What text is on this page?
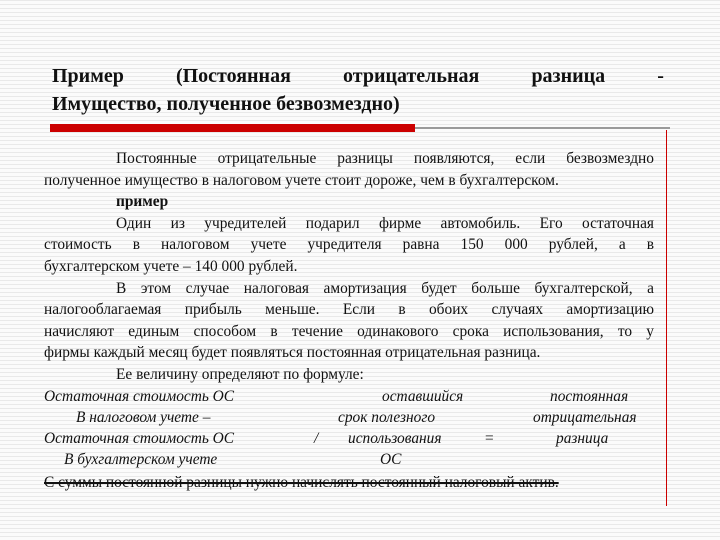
Пример	(Постоянная	отрицательная	разница	-
Имущество, полученное безвозмездно)

Постоянные отрицательные разницы появляются, если безвозмездно
полученное имущество в налоговом учете стоит дороже, чем в бухгалтерском.

пример

Один из учредителей подарил фирме автомобиль. Его остаточная
стоимость в налоговом учете учредителя равна 150 000 рублей, а в
бухгалтерском учете – 140 000 рублей.

В этом случае налоговая амортизация будет больше бухгалтерской, а
налогооблагаемая прибыль меньше. Если в обоих случаях амортизацию
начисляют единым способом в течение одинакового срока использования, то у
фирмы каждый месяц будет появляться постоянная отрицательная разница.

Ее величину определяют по формуле:

Остаточная стоимость ОС	оставшийся	постоянная
В налоговом учете –	срок полезного	отрицательная
Остаточная стоимость ОС	/ использования	=	разница
В бухгалтерском учете	ОС

С суммы постоянной разницы нужно начислять постоянный налоговый актив.
